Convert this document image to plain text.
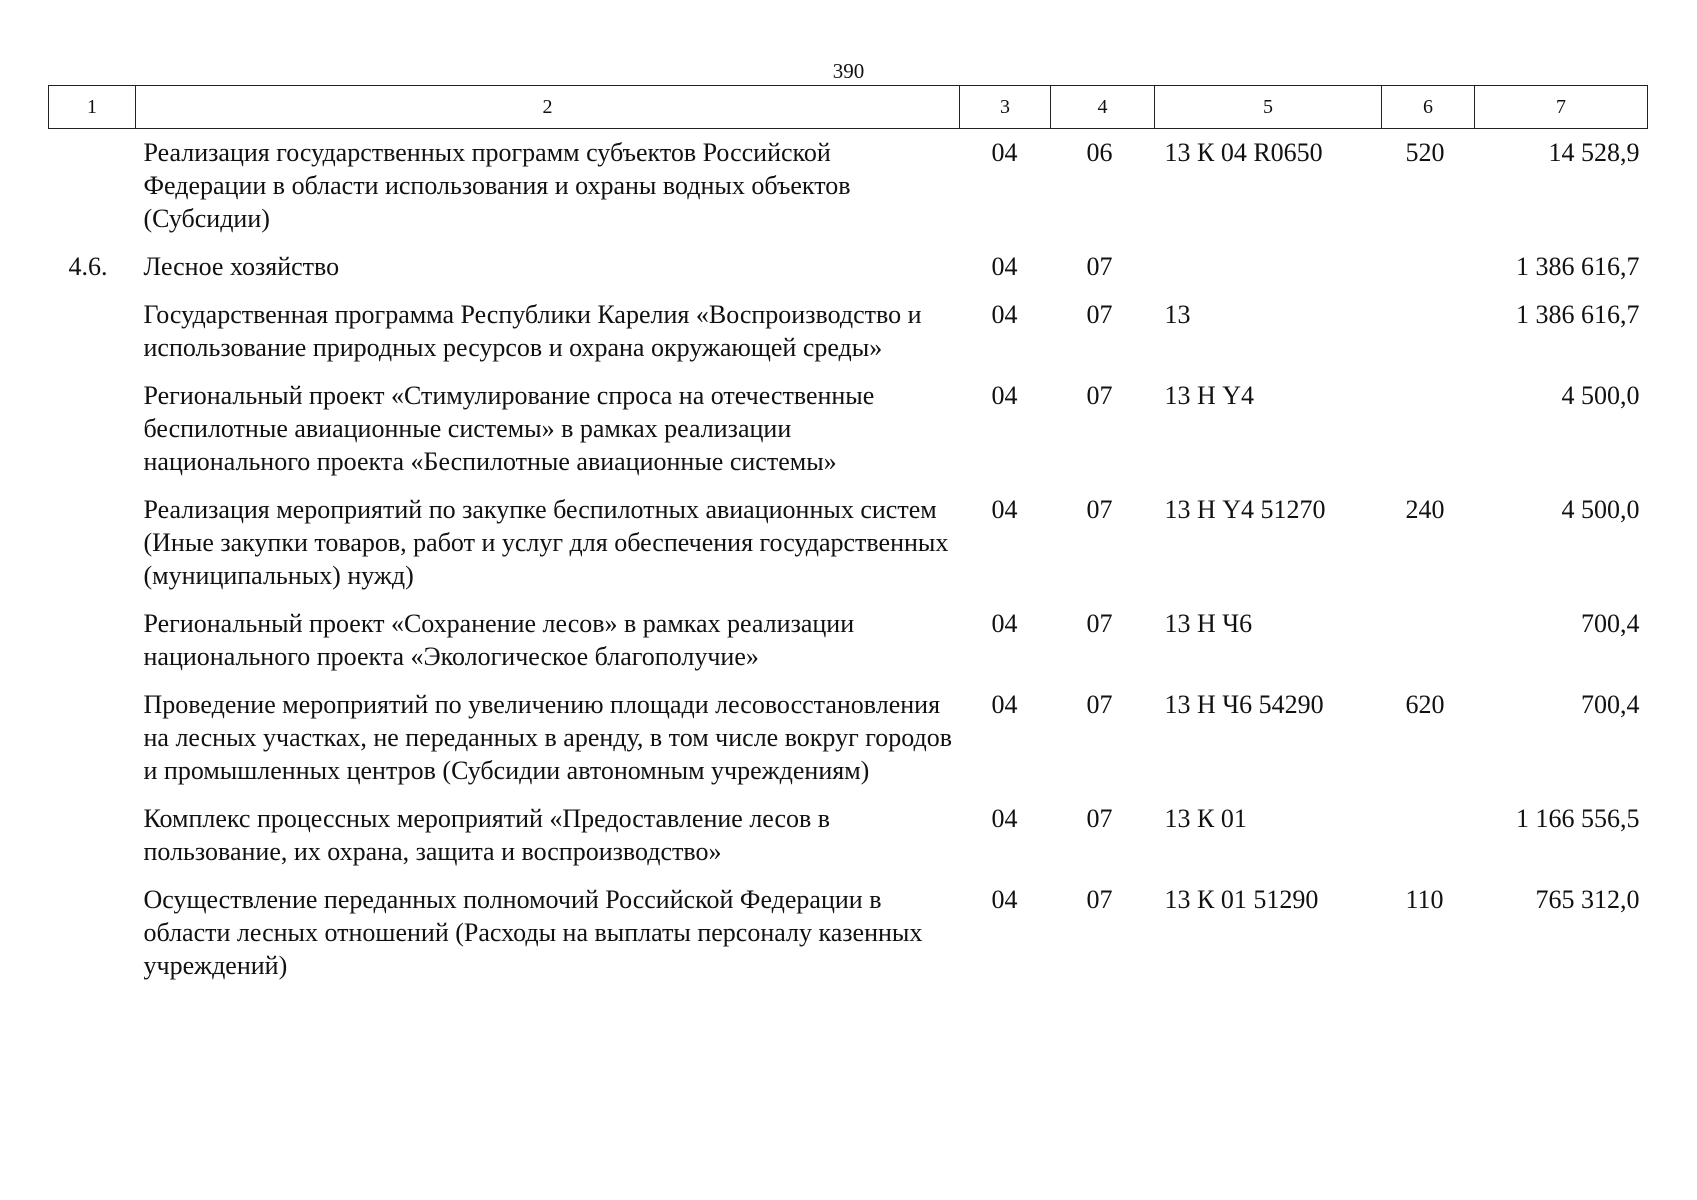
390
1	2	3	4	5	6	7
	Реализация государственных программ субъектов Российской Федерации в области использования и охраны водных объектов (Субсидии)	04	06	13 К 04 R0650	520	14 528,9
4.6.	Лесное хозяйство	04	07			1 386 616,7
	Государственная программа Республики Карелия «Воспроизводство и использование природных ресурсов и охрана окружающей среды»	04	07	13		1 386 616,7
	Региональный проект «Стимулирование спроса на отечественные беспилотные авиационные системы» в рамках реализации национального проекта «Беспилотные авиационные системы»	04	07	13 Н Y4		4 500,0
	Реализация мероприятий по закупке беспилотных авиационных систем (Иные закупки товаров, работ и услуг для обеспечения государственных (муниципальных) нужд)	04	07	13 Н Y4 51270	240	4 500,0
	Региональный проект «Сохранение лесов» в рамках реализации национального проекта «Экологическое благополучие»	04	07	13 Н Ч6		700,4
	Проведение мероприятий по увеличению площади лесовосстановления на лесных участках, не переданных в аренду, в том числе вокруг городов и промышленных центров (Субсидии автономным учреждениям)	04	07	13 Н Ч6 54290	620	700,4
	Комплекс процессных мероприятий «Предоставление лесов в пользование, их охрана, защита и воспроизводство»	04	07	13 К 01		1 166 556,5
	Осуществление переданных полномочий Российской Федерации в области лесных отношений (Расходы на выплаты персоналу казенных учреждений)	04	07	13 К 01 51290	110	765 312,0
